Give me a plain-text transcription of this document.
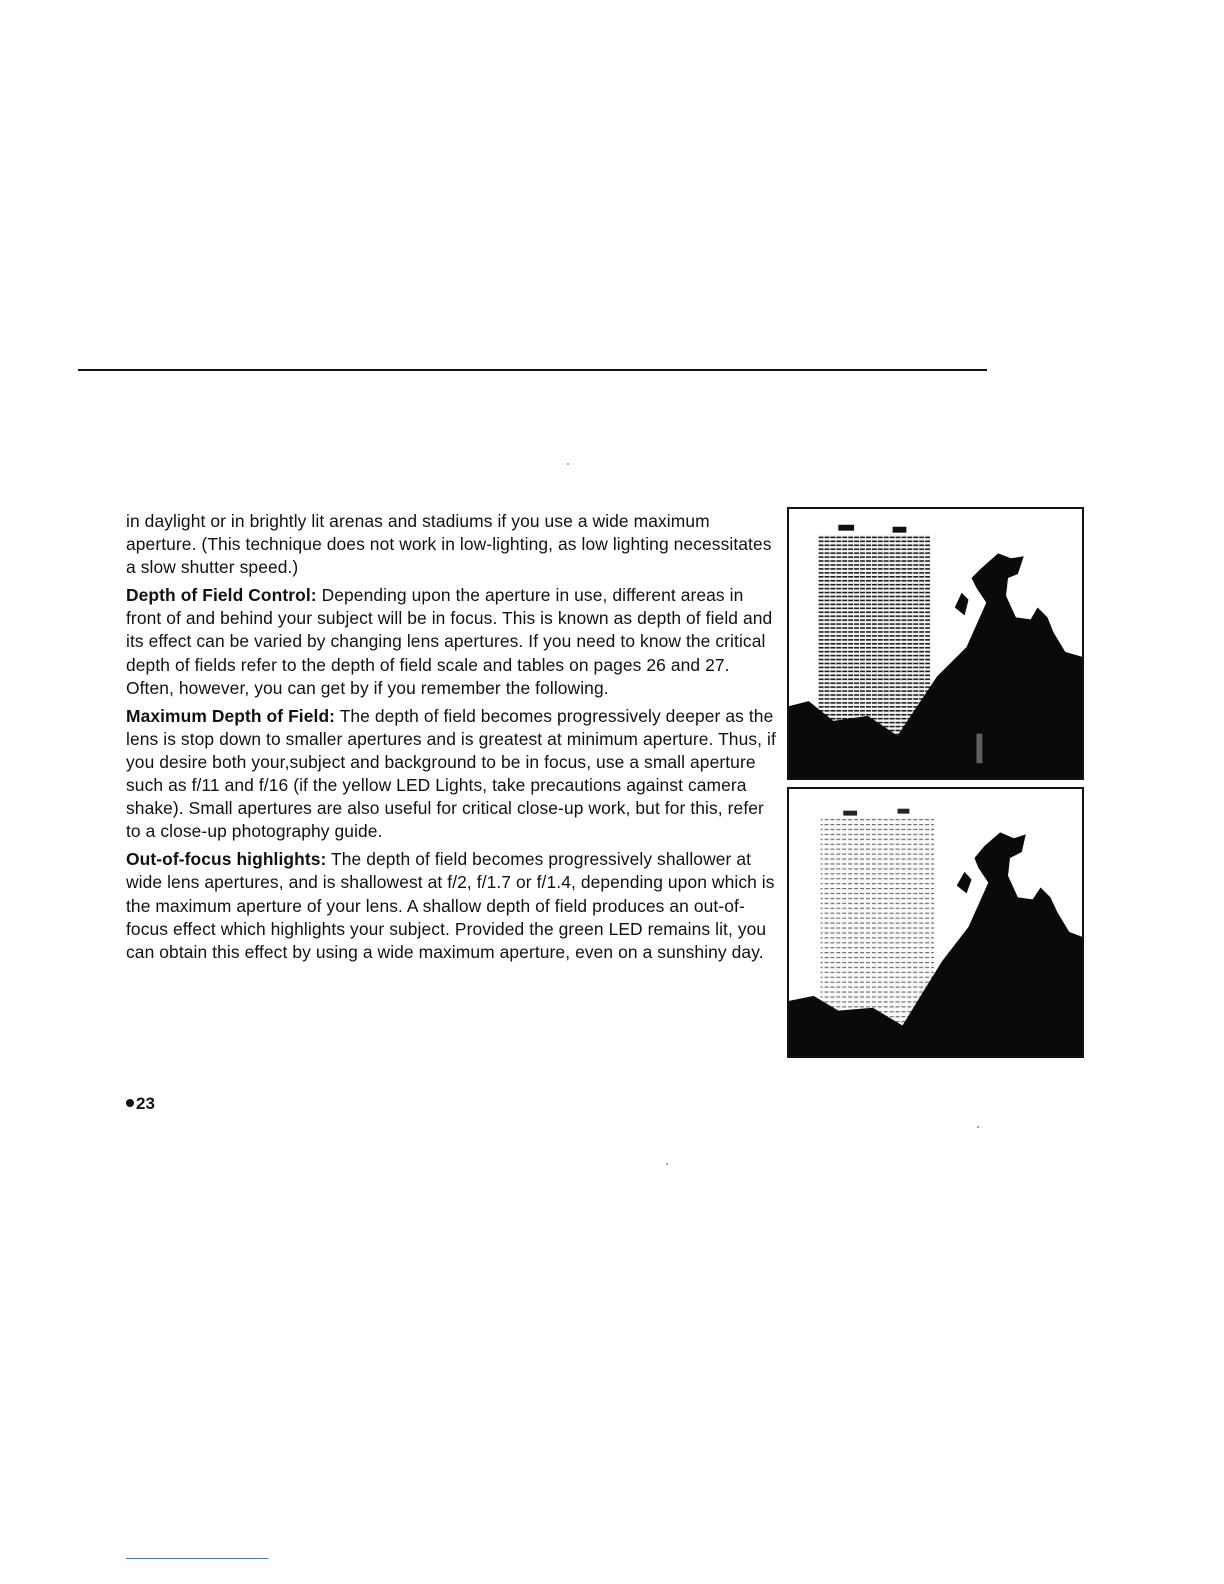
in daylight or in brightly lit arenas and stadiums if you use a wide maximum aperture. (This technique does not work in low-lighting, as low lighting necessitates a slow shutter speed.)

Depth of Field Control: Depending upon the aperture in use, different areas in front of and behind your subject will be in focus. This is known as depth of field and its effect can be varied by changing lens apertures. If you need to know the critical depth of fields refer to the depth of field scale and tables on pages 26 and 27. Often, however, you can get by if you remember the following.

Maximum Depth of Field: The depth of field becomes progressively deeper as the lens is stop down to smaller apertures and is greatest at minimum aperture. Thus, if you desire both your,subject and background to be in focus, use a small aperture such as f/11 and f/16 (if the yellow LED Lights, take precautions against camera shake). Small apertures are also useful for critical close-up work, but for this, refer to a close-up photography guide.

Out-of-focus highlights: The depth of field becomes progressively shallower at wide lens apertures, and is shallowest at f/2, f/1.7 or f/1.4, depending upon which is the maximum aperture of your lens. A shallow depth of field produces an out-of-focus effect which highlights your subject. Provided the green LED remains lit, you can obtain this effect by using a wide maximum aperture, even on a sunshiny day.

23
